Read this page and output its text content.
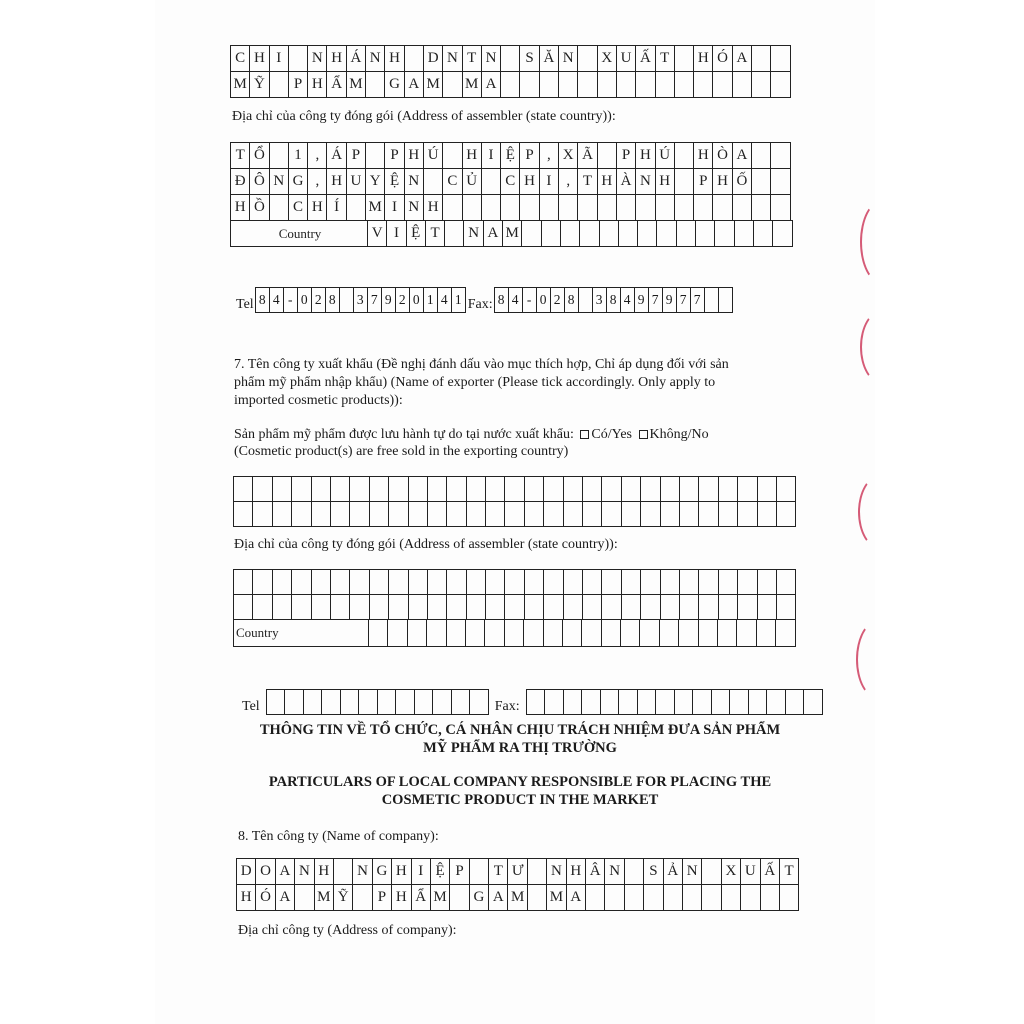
C H I	N H Á N H	D N T N	S Ă N	X U Ấ T	H Ó A
M Ỹ	P H Ẩ M G A M M A
Địa chỉ của công ty đóng gói (Address of assembler (state country)):
T Ổ	1 , Á P	P H Ú	H I Ệ P , X Ã	P H Ú	H Ò A
Đ Ô N G , H U Y Ệ N	C Ủ	C H I , T H À N H	P H Ố
H Ồ	C H Í	M I N H
Country	V I Ệ T	N A M
Tel 8 4 - 0 2 8	3 7 9 2 0 1 4 1 Fax: 8 4 - 0 2 8	3 8 4 9 7 9 7 7
7. Tên công ty xuất khẩu (Đề nghị đánh dấu vào mục thích hợp, Chỉ áp dụng đối với sản
phẩm mỹ phẩm nhập khẩu) (Name of exporter (Please tick accordingly. Only apply to
imported cosmetic products)):
Sản phẩm mỹ phẩm được lưu hành tự do tại nước xuất khẩu: Có/Yes Không/No
(Cosmetic product(s) are free sold in the exporting country)
Địa chỉ của công ty đóng gói (Address of assembler (state country)):
Country
Tel	Fax:
THÔNG TIN VỀ TỔ CHỨC, CÁ NHÂN CHỊU TRÁCH NHIỆM ĐƯA SẢN PHẨM
MỸ PHẨM RA THỊ TRƯỜNG
PARTICULARS OF LOCAL COMPANY RESPONSIBLE FOR PLACING THE
COSMETIC PRODUCT IN THE MARKET
8. Tên công ty (Name of company):
D O A N H	N G H I Ệ P	T Ư N H Â N	S Ả N	X U Ấ T
H Ó A	M Ỹ	P H Ẩ M G A M M A
Địa chỉ công ty (Address of company):
